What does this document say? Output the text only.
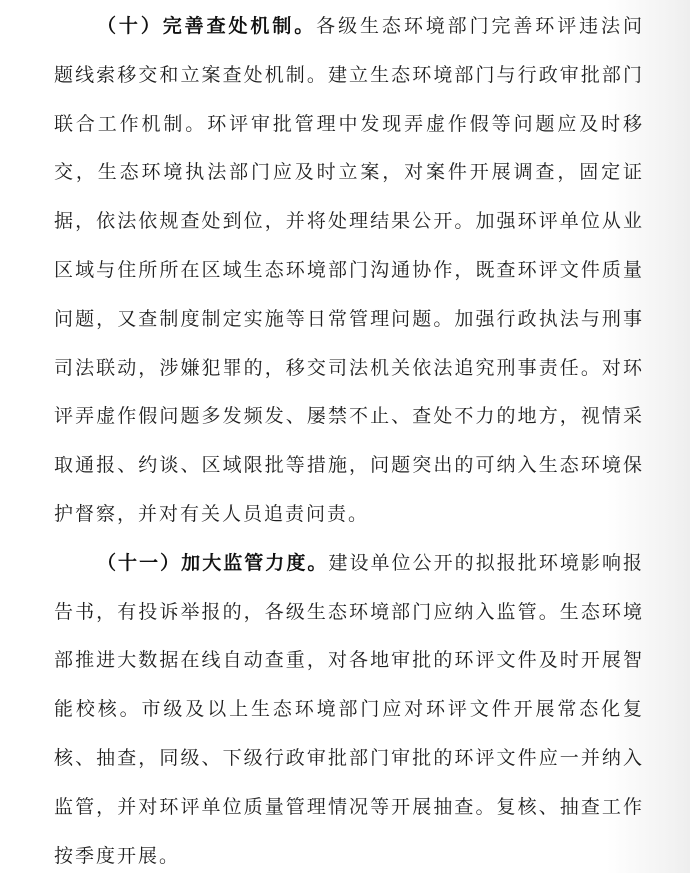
（十）完善查处机制。各级生态环境部门完善环评违法问
题线索移交和立案查处机制。建立生态环境部门与行政审批部门
联合工作机制。环评审批管理中发现弄虚作假等问题应及时移
交，生态环境执法部门应及时立案，对案件开展调查，固定证
据，依法依规查处到位，并将处理结果公开。加强环评单位从业
区域与住所所在区域生态环境部门沟通协作，既查环评文件质量
问题，又查制度制定实施等日常管理问题。加强行政执法与刑事
司法联动，涉嫌犯罪的，移交司法机关依法追究刑事责任。对环
评弄虚作假问题多发频发、屡禁不止、查处不力的地方，视情采
取通报、约谈、区域限批等措施，问题突出的可纳入生态环境保
护督察，并对有关人员追责问责。
（十一）加大监管力度。建设单位公开的拟报批环境影响报
告书，有投诉举报的，各级生态环境部门应纳入监管。生态环境
部推进大数据在线自动查重，对各地审批的环评文件及时开展智
能校核。市级及以上生态环境部门应对环评文件开展常态化复
核、抽查，同级、下级行政审批部门审批的环评文件应一并纳入
监管，并对环评单位质量管理情况等开展抽查。复核、抽查工作
按季度开展。
